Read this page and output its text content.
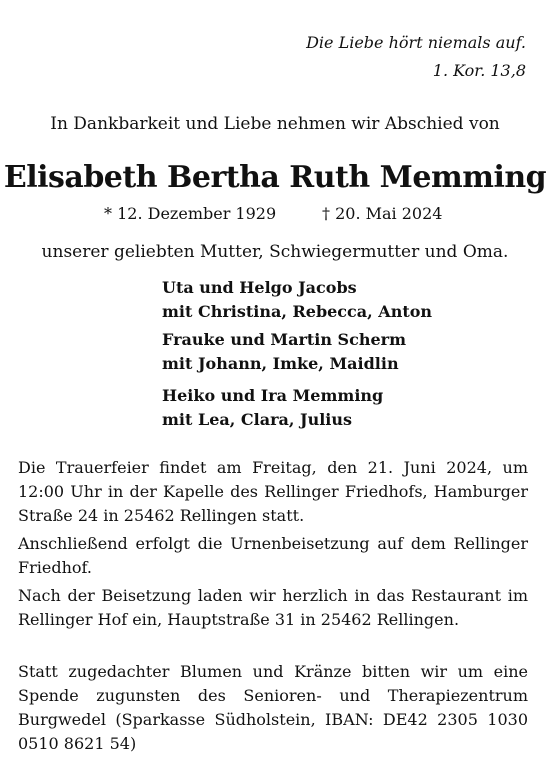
Die Liebe hört niemals auf.
1. Kor. 13,8
In Dankbarkeit und Liebe nehmen wir Abschied von
Elisabeth Bertha Ruth Memming
* 12. Dezember 1929	† 20. Mai 2024
unserer geliebten Mutter, Schwiegermutter und Oma.
Uta und Helgo Jacobs
mit Christina, Rebecca, Anton
Frauke und Martin Scherm
mit Johann, Imke, Maidlin
Heiko und Ira Memming
mit Lea, Clara, Julius
Die Trauerfeier findet am Freitag, den 21. Juni 2024, um 12:00 Uhr in der Kapelle des Rellinger Friedhofs, Hamburger Straße 24 in 25462 Rellingen statt.
Anschließend erfolgt die Urnenbeisetzung auf dem Rellinger Friedhof.
Nach der Beisetzung laden wir herzlich in das Restaurant im Rellinger Hof ein, Hauptstraße 31 in 25462 Rellingen.
Statt zugedachter Blumen und Kränze bitten wir um eine Spende zugunsten des Senioren- und Therapiezentrum Burgwedel (Sparkasse Südholstein, IBAN: DE42 2305 1030 0510 8621 54)
